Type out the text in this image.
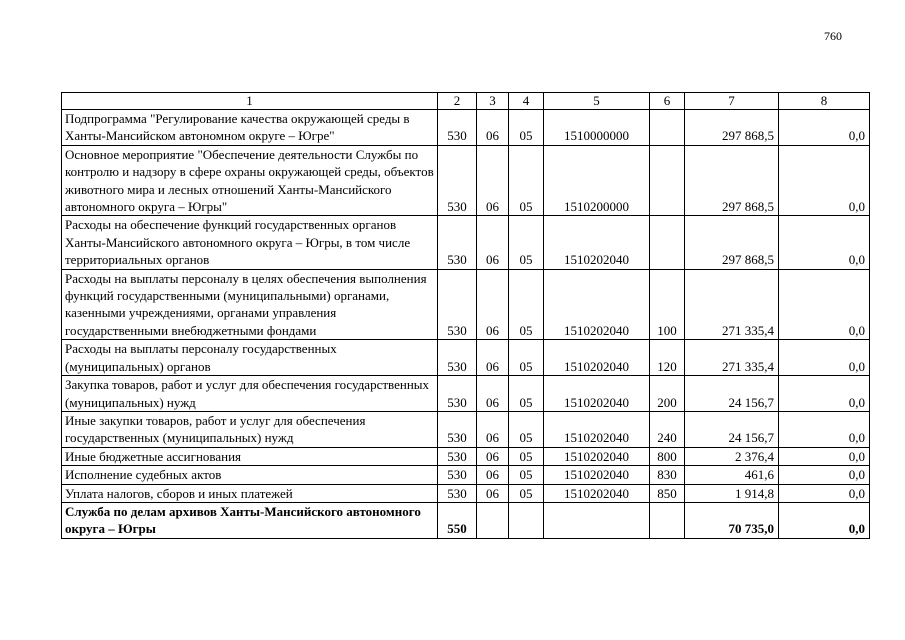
760
1	2	3	4	5	6	7	8
Подпрограмма "Регулирование качества окружающей среды в Ханты-Мансийском автономном округе – Югре"	530	06	05	1510000000		297 868,5	0,0
Основное мероприятие "Обеспечение деятельности Службы по контролю и надзору в сфере охраны окружающей среды, объектов животного мира и лесных отношений Ханты-Мансийского автономного округа – Югры"	530	06	05	1510200000		297 868,5	0,0
Расходы на обеспечение функций государственных органов Ханты-Мансийского автономного округа – Югры, в том числе территориальных органов	530	06	05	1510202040		297 868,5	0,0
Расходы на выплаты персоналу в целях обеспечения выполнения функций государственными (муниципальными) органами, казенными учреждениями, органами управления государственными внебюджетными фондами	530	06	05	1510202040	100	271 335,4	0,0
Расходы на выплаты персоналу государственных (муниципальных) органов	530	06	05	1510202040	120	271 335,4	0,0
Закупка товаров, работ и услуг для обеспечения государственных (муниципальных) нужд	530	06	05	1510202040	200	24 156,7	0,0
Иные закупки товаров, работ и услуг для обеспечения государственных (муниципальных) нужд	530	06	05	1510202040	240	24 156,7	0,0
Иные бюджетные ассигнования	530	06	05	1510202040	800	2 376,4	0,0
Исполнение судебных актов	530	06	05	1510202040	830	461,6	0,0
Уплата налогов, сборов и иных платежей	530	06	05	1510202040	850	1 914,8	0,0
Служба по делам архивов Ханты-Мансийского автономного округа – Югры	550					70 735,0	0,0
